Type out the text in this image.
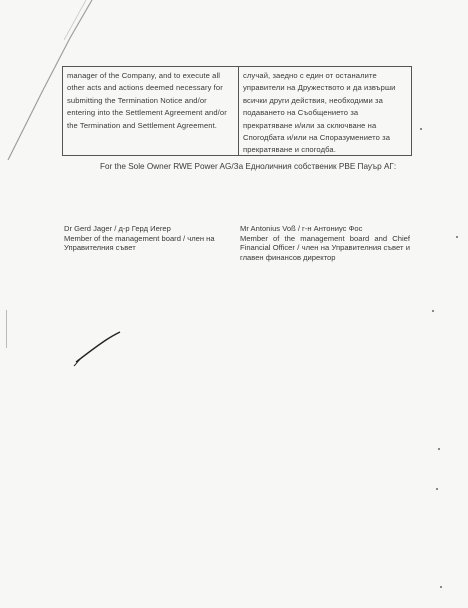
manager of the Company, and to execute all
other acts and actions deemed necessary for
submitting the Termination Notice and/or
entering into the Settlement Agreement and/or
the Termination and Settlement Agreement.
случай, заедно с един от останалите
управители на Дружеството и да извърши
всички други действия, необходими за
подаването на Съобщението за
прекратяване и/или за сключване на
Спогодбата и/или на Споразумението за
прекратяване и спогодба.
For the Sole Owner RWE Power AG/За Едноличния собственик РВЕ Пауър АГ:
Dr Gerd Jager / д-р Герд Иегер
Member of the management board / член на Управителния съвет
Mr Antonius Voß / г-н Антониус Фос
Member of the management board and Chief Financial Officer / член на Управителния съвет и главен финансов директор
